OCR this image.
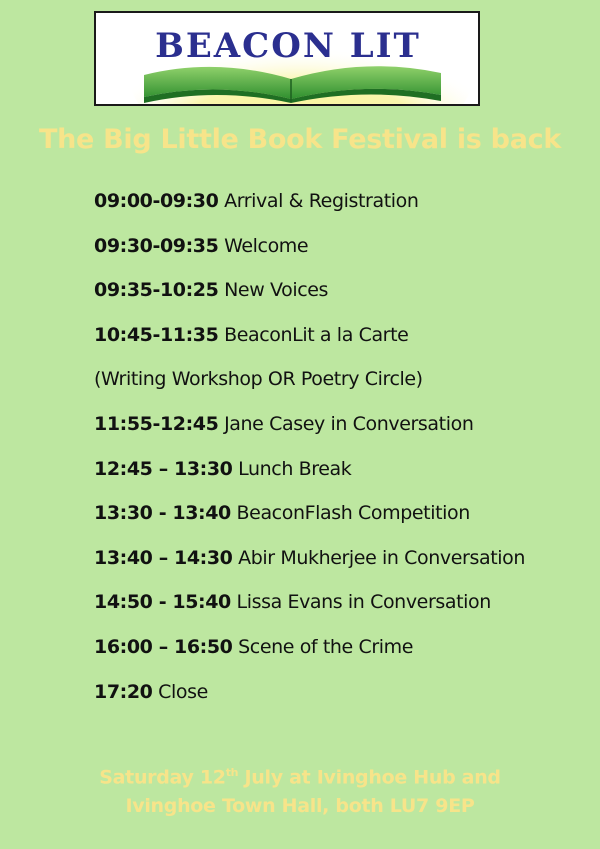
BEACON LIT
The Big Little Book Festival is back
09:00-09:30 Arrival & Registration
09:30-09:35 Welcome
09:35-10:25 New Voices
10:45-11:35 BeaconLit a la Carte
(Writing Workshop OR Poetry Circle)
11:55-12:45 Jane Casey in Conversation
12:45 – 13:30 Lunch Break
13:30 - 13:40 BeaconFlash Competition
13:40 – 14:30 Abir Mukherjee in Conversation
14:50 - 15:40 Lissa Evans in Conversation
16:00 – 16:50 Scene of the Crime
17:20 Close
Saturday 12th July at Ivinghoe Hub and
Ivinghoe Town Hall, both LU7 9EP
